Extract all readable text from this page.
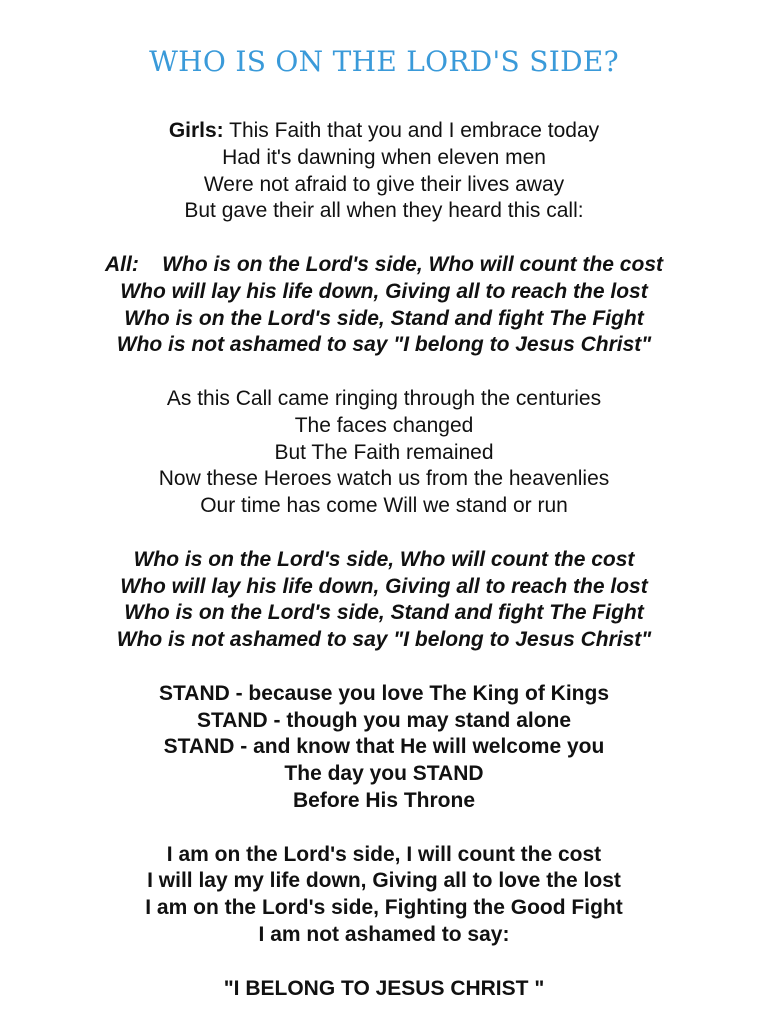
WHO IS ON THE LORD'S SIDE?
Girls: This Faith that you and I embrace today
Had it's dawning when eleven men
Were not afraid to give their lives away
But gave their all when they heard this call:
All:    Who is on the Lord's side, Who will count the cost
Who will lay his life down, Giving all to reach the lost
Who is on the Lord's side, Stand and fight The Fight
Who is not ashamed to say "I belong to Jesus Christ"
As this Call came ringing through the centuries
The faces changed
But The Faith remained
Now these Heroes watch us from the heavenlies
Our time has come Will we stand or run
Who is on the Lord's side, Who will count the cost
Who will lay his life down, Giving all to reach the lost
Who is on the Lord's side, Stand and fight The Fight
Who is not ashamed to say "I belong to Jesus Christ"
STAND - because you love The King of Kings
STAND - though you may stand alone
STAND - and know that He will welcome you
The day you STAND
Before His Throne
I am on the Lord's side, I will count the cost
I will lay my life down, Giving all to love the lost
I am on the Lord's side, Fighting the Good Fight
I am not ashamed to say:
"I BELONG TO JESUS CHRIST "
